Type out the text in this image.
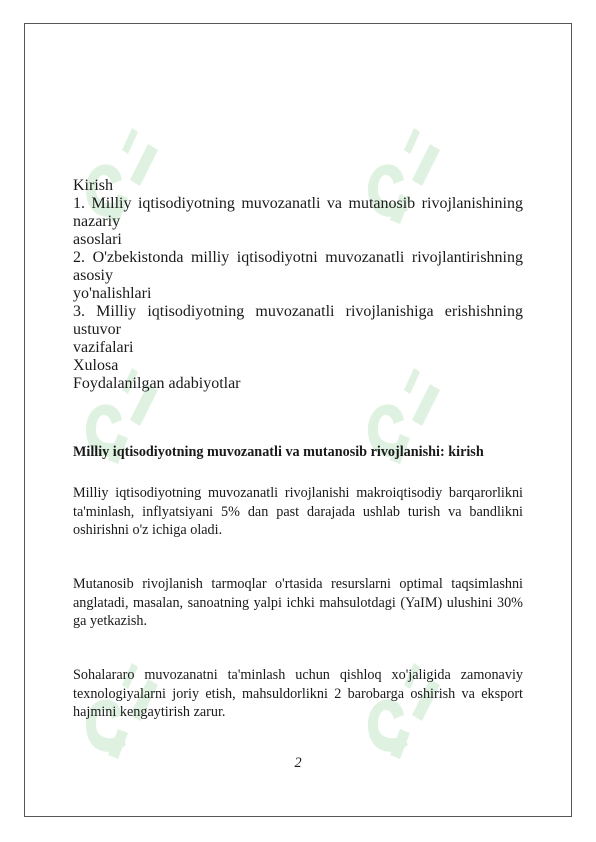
Kirish

1. Milliy iqtisodiyotning muvozanatli va mutanosib rivojlanishining nazariy

asoslari

2. O'zbekistonda milliy iqtisodiyotni muvozanatli rivojlantirishning asosiy

yo'nalishlari

3. Milliy iqtisodiyotning muvozanatli rivojlanishiga erishishning ustuvor

vazifalari

Xulosa

Foydalanilgan adabiyotlar

Milliy iqtisodiyotning muvozanatli va mutanosib rivojlanishi: kirish

Milliy iqtisodiyotning muvozanatli rivojlanishi makroiqtisodiy barqarorlikni ta'minlash, inflyatsiyani 5% dan past darajada ushlab turish va bandlikni oshirishni o'z ichiga oladi.

Mutanosib rivojlanish tarmoqlar o'rtasida resurslarni optimal taqsimlashni anglatadi, masalan, sanoatning yalpi ichki mahsulotdagi (YaIM) ulushini 30% ga yetkazish.

Sohalararo muvozanatni ta'minlash uchun qishloq xo'jaligida zamonaviy texnologiyalarni joriy etish, mahsuldorlikni 2 barobarga oshirish va eksport hajmini kengaytirish zarur.

2
